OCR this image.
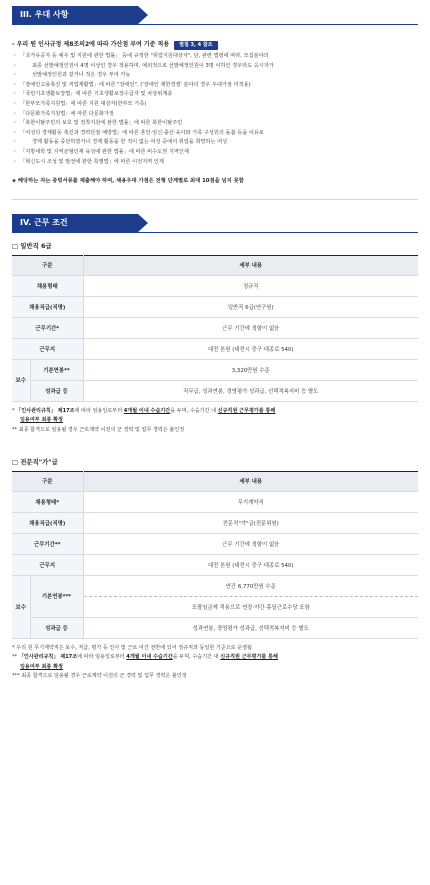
III. 우대 사항
- 우리 원 인사규정 제8조의2에 따라 가산점 부여 기준 적용 별첨 3, 4 참조
◦ 「국가유공자 등 예우 및 지원에 관한 법률」 등에 규정한 "취업지원대상자", 단, 관련 법령에 따라, 모집분야의
◦ 최종 선발예정인원이 4명 이상인 경우 적용하며, 예외적으로 선발예정인원이 3명 이하인 경우라도 응시자가
◦ 선발예정인원과 같거나 적은 경우 부여 가능
◦ 「장애인고용촉진 및 직업재활법」에 따른 "장애인", ('장애인 제한경쟁' 분야의 경우 우대가점 미적용)
◦ 「국민기초생활보장법」에 따른 기초생활보장수급자 및 차상위계층
◦ 「한부모가족지원법」에 따른 지원 대상자(한부모 가족)
◦ 「다문화가족지원법」에 따른 다문화가정
◦ 「북한이탈주민의 보호 및 정착지원에 관한 법률」에 따른 북한이탈주민
◦ 「여성의 경제활동 촉진과 경력단절 예방법」에 따른 혼인·임신·출산·육아와 가족 구성원의 돌봄 등을 이유로
◦ 경제 활동을 중단하였거나 경제 활동을 한 적이 없는 여성 중에서 취업을 희망하는 여성
◦ 「지방대학 및 지역균형인재 육성에 관한 법률」에 따른 비수도권 지역인재
◦ 「혁신도시 조성 및 발전에 관한 특별법」에 따른 이전지역 인재
◈ 해당하는 자는 증빙서류를 제출해야 하며, 채용우대 가점은 전형 단계별로 최대 10점을 넘지 못함
IV. 근무 조건
□ 일반직 6급
구분		세부 내용
채용형태		정규직
채용직급(직명)		일반직 6급(연구원)
근무기간*		근무 기간에 정함이 없음
근무지		대전 본원 (대전시 중구 대종로 540)
보수	기본연봉**	3,320만원 수준
	성과급 등	직무급, 성과연봉, 경영평가 성과급, 선택적복지비 등 별도
* 「인사관리규칙」 제17조에 따라 임용일로부터 4개월 이내 수습기간을 두며, 수습기간 내 신규직원 근무평가를 통해
임용여부 최종 확정
** 최종 합격으로 임용될 경우 근로계약 이전의 군 경력 및 업무 경력은 불인정
□ 전문직"가"급
구분		세부 내용
채용형태*		무기계약직
채용직급(직명)		전문직"가"급(전문위원)
근무기간**		근무 기간에 정함이 없음
근무지		대전 본원 (대전시 중구 대종로 540)
보수	기본연봉***	연간 6,770만원 수준
		포괄임금제 적용으로 연장·야간·휴일근로수당 포함
	성과급 등	성과연봉, 경영평가 성과급, 선택적복지비 등 별도
* 우리 원 무기계약직은 보수, 직급, 평가 등 인사 및 근로 여건 전반에 있어 정규직과 동일한 기준으로 운영됨
** 「인사관리규칙」 제17조에 따라 임용일로부터 4개월 이내 수습기간을 두며, 수습기간 내 신규직원 근무평가를 통해
임용여부 최종 확정
*** 최종 합격으로 임용될 경우 근로계약 이전의 군 경력 및 업무 경력은 불인정
